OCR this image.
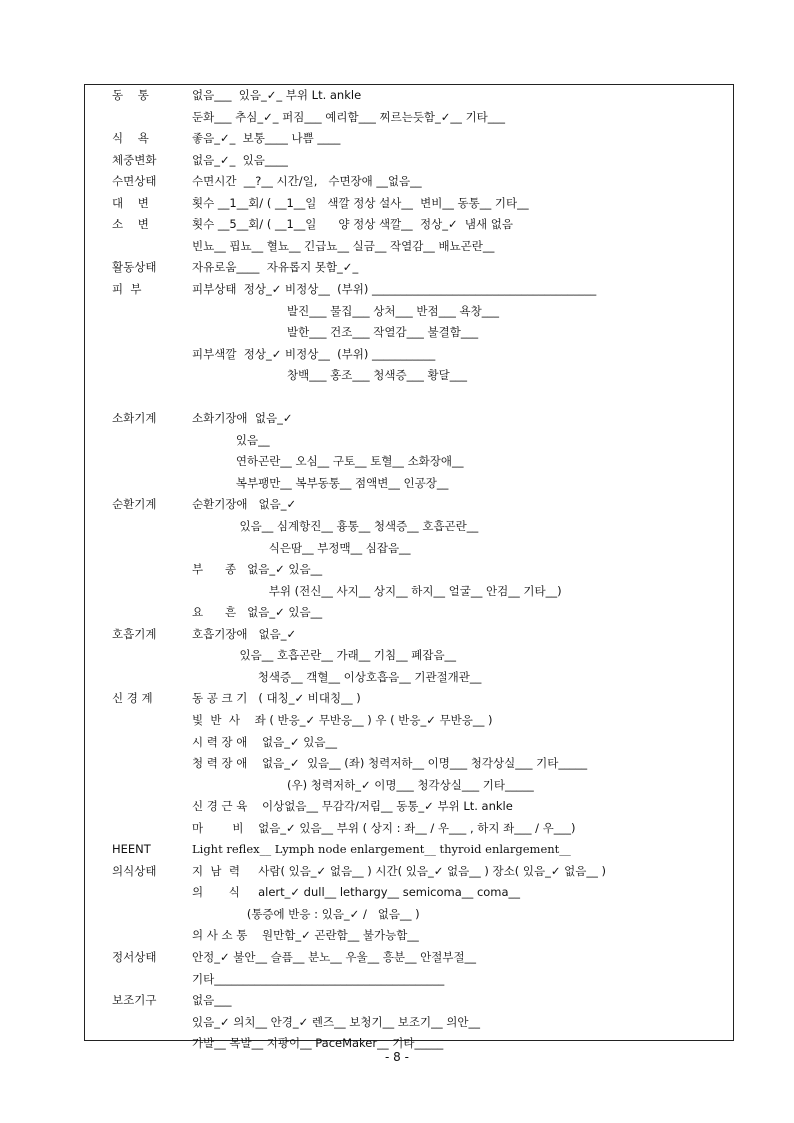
동    통	없음___  있음_✓_ 부위 Lt. ankle
둔화___ 추심_✓_ 퍼짐___ 예리함___ 찌르는듯함_✓__ 기타___
식    욕	좋음_✓_  보통____ 나쁨 ____
체중변화	없음_✓_  있음____
수면상태	수면시간  __?__ 시간/일,   수면장애 __없음__
대    변	횟수 __1__회/ ( __1__일   색깔 정상 설사__  변비__ 동통__ 기타__
소    변	횟수 __5__회/ ( __1__일      양 정상 색깔__  정상_✓  냄새 없음
빈뇨__ 핍뇨__ 혈뇨__ 긴급뇨__ 실금__ 작열감__ 배뇨곤란__
활동상태	자유로움____  자유롭지 못함_✓_
피  부	피부상태  정상_✓ 비정상__  (부위) _______________________________________
발진___ 물집___ 상처___ 반점___ 욕창___
발한___ 건조___ 작열감___ 불결함___
피부색깔  정상_✓ 비정상__  (부위) ___________
창백___ 홍조___ 청색증___ 황달___
소화기계	소화기장애  없음_✓
있음__
연하곤란__ 오심__ 구토__ 토혈__ 소화장애__
복부팽만__ 복부동통__ 점액변__ 인공장__
순환기계	순환기장애   없음_✓
있음__ 심계항진__ 흉통__ 청색증__ 호흡곤란__
식은땀__ 부정맥__ 심잡음__
부      종   없음_✓ 있음__
부위 (전신__ 사지__ 상지__ 하지__ 얼굴__ 안검__ 기타__)
요      흔   없음_✓ 있음__
호흡기계	호흡기장애   없음_✓
있음__ 호흡곤란__ 가래__ 기침__ 폐잡음__
청색증__ 객혈__ 이상호흡음__ 기관절개관__
신 경 계	동 공 크 기   ( 대칭_✓ 비대칭__ )
빛  반  사    좌 ( 반응_✓ 무반응__ ) 우 ( 반응_✓ 무반응__ )
시 력 장 애    없음_✓ 있음__
청 력 장 애    없음_✓  있음__ (좌) 청력저하__ 이명___ 청각상실___ 기타_____
(우) 청력저하_✓ 이명___ 청각상실___ 기타_____
신 경 근 육    이상없음__ 무감각/저림__ 동통_✓ 부위 Lt. ankle
마        비    없음_✓ 있음__ 부위 ( 상지 : 좌__ / 우___ , 하지 좌___ / 우___)
HEENT	Light reflex__ Lymph node enlargement__ thyroid enlargement__
의식상태	지  남  력     사람( 있음_✓ 없음__ ) 시간( 있음_✓ 없음__ ) 장소( 있음_✓ 없음__ )
의       식     alert_✓ dull__ lethargy__ semicoma__ coma__
(통증에 반응 : 있음_✓ /   없음__ )
의 사 소 통    원만함_✓ 곤란함__ 불가능함__
정서상태	안정_✓ 불안__ 슬픔__ 분노__ 우울__ 흥분__ 안절부절__
기타________________________________________
보조기구	없음___
있음_✓ 의치__ 안경_✓ 렌즈__ 보청기__ 보조기__ 의안__
가발__ 목발__ 지팡이__ PaceMaker__ 기타_____
- 8 -
